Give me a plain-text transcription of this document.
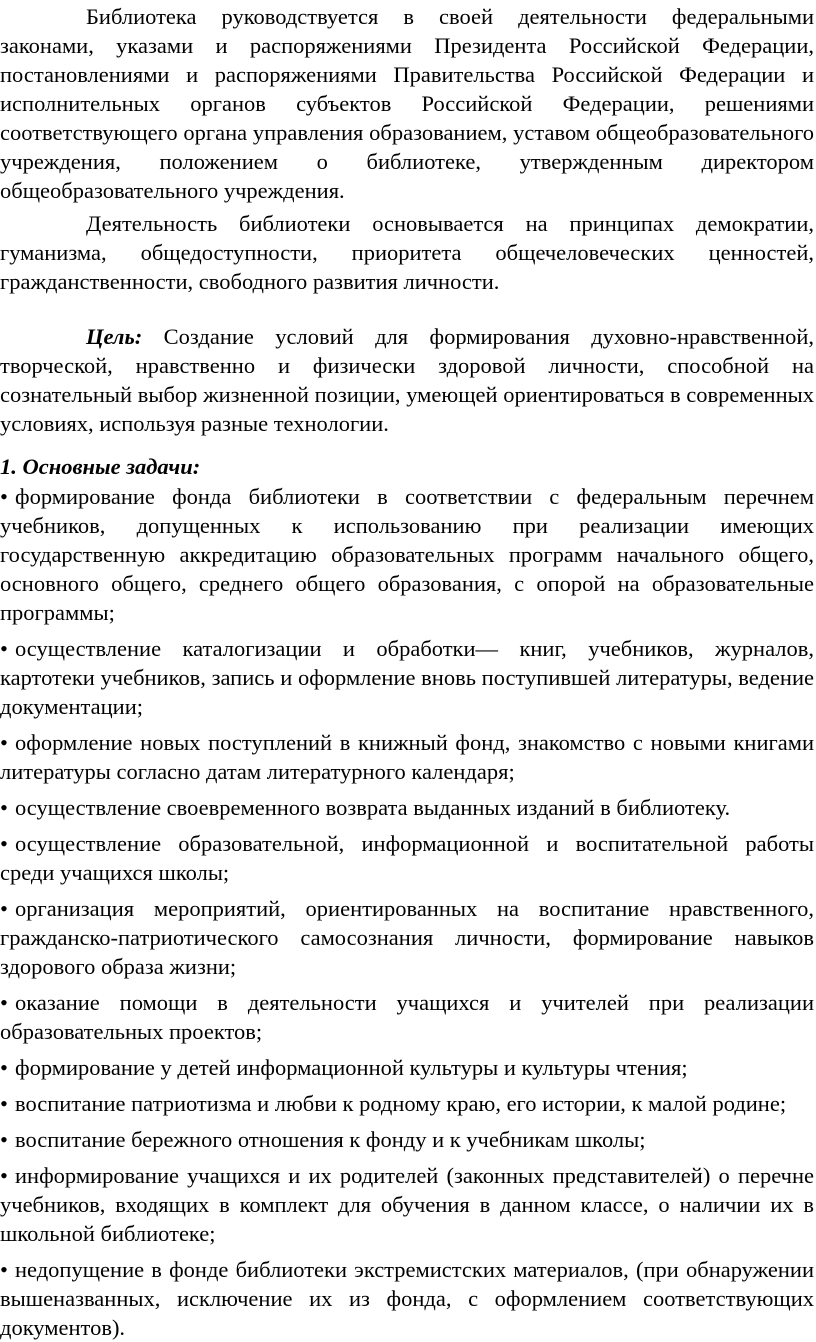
Библиотека руководствуется в своей деятельности федеральными законами, указами и распоряжениями Президента Российской Федерации, постановлениями и распоряжениями Правительства Российской Федерации и исполнительных органов субъектов Российской Федерации, решениями соответствующего органа управления образованием, уставом общеобразовательного учреждения, положением о библиотеке, утвержденным директором общеобразовательного учреждения.

Деятельность библиотеки основывается на принципах демократии, гуманизма, общедоступности, приоритета общечеловеческих ценностей, гражданственности, свободного развития личности.

Цель: Создание условий для формирования духовно-нравственной, творческой, нравственно и физически здоровой личности, способной на сознательный выбор жизненной позиции, умеющей ориентироваться в современных условиях, используя разные технологии.

1. Основные задачи:
• формирование фонда библиотеки в соответствии с федеральным перечнем учебников, допущенных к использованию при реализации имеющих государственную аккредитацию образовательных программ начального общего, основного общего, среднего общего образования, с опорой на образовательные программы;
• осуществление каталогизации и обработки— книг, учебников, журналов, картотеки учебников, запись и оформление вновь поступившей литературы, ведение документации;
• оформление новых поступлений в книжный фонд, знакомство с новыми книгами литературы согласно датам литературного календаря;
• осуществление своевременного возврата выданных изданий в библиотеку.
• осуществление образовательной, информационной и воспитательной работы среди учащихся школы;
• организация мероприятий, ориентированных на воспитание нравственного, гражданско-патриотического самосознания личности, формирование навыков здорового образа жизни;
• оказание помощи в деятельности учащихся и учителей при реализации образовательных проектов;
• формирование у детей информационной культуры и культуры чтения;
• воспитание патриотизма и любви к родному краю, его истории, к малой родине;
• воспитание бережного отношения к фонду и к учебникам школы;
• информирование учащихся и их родителей (законных представителей) о перечне учебников, входящих в комплект для обучения в данном классе, о наличии их в школьной библиотеке;
• недопущение в фонде библиотеки экстремистских материалов, (при обнаружении вышеназванных, исключение их из фонда, с оформлением соответствующих документов).
